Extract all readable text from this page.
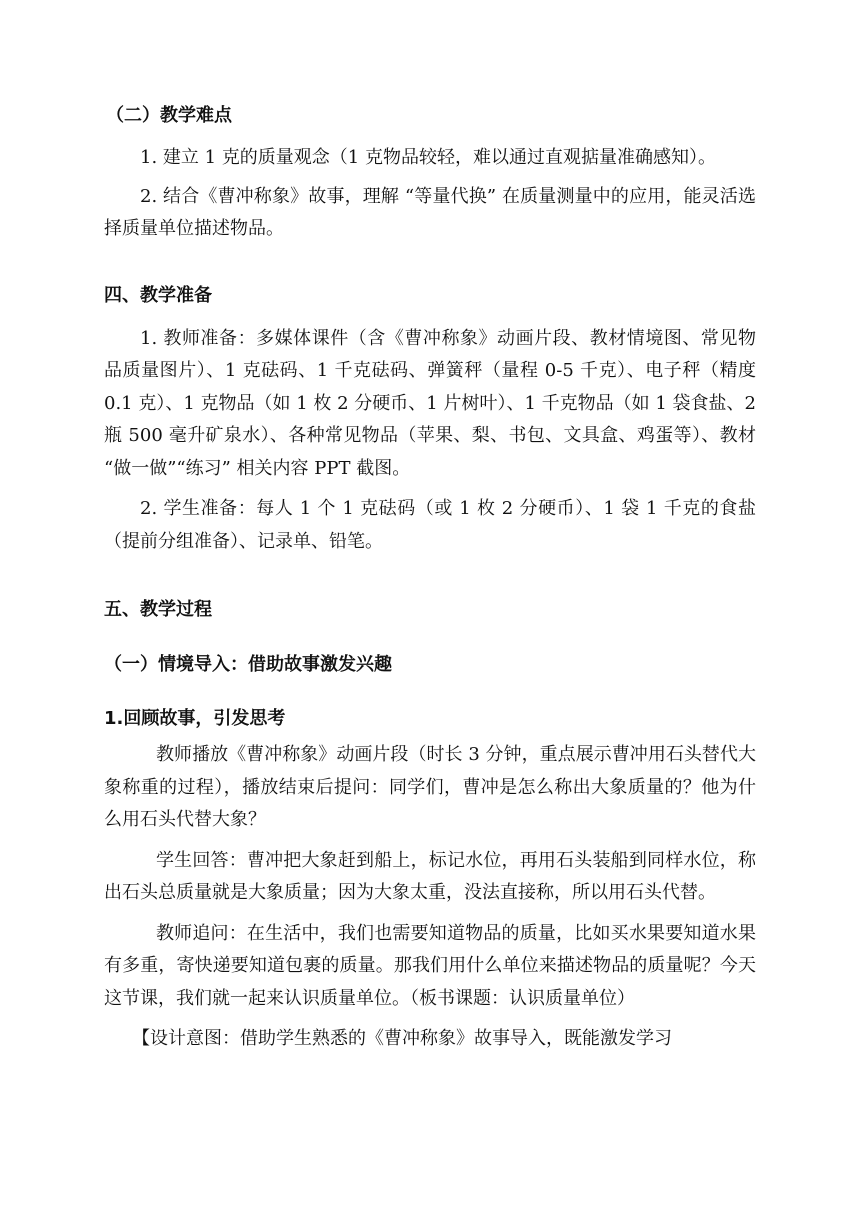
（二）教学难点

1. 建立 1 克的质量观念（1 克物品较轻，难以通过直观掂量准确感知）。

2. 结合《曹冲称象》故事，理解 “等量代换” 在质量测量中的应用，能灵活选择质量单位描述物品。

四、教学准备

1. 教师准备：多媒体课件（含《曹冲称象》动画片段、教材情境图、常见物品质量图片）、1 克砝码、1 千克砝码、弹簧秤（量程 0-5 千克）、电子秤（精度 0.1 克）、1 克物品（如 1 枚 2 分硬币、1 片树叶）、1 千克物品（如 1 袋食盐、2 瓶 500 毫升矿泉水）、各种常见物品（苹果、梨、书包、文具盒、鸡蛋等）、教材 “做一做”“练习” 相关内容 PPT 截图。

2. 学生准备：每人 1 个 1 克砝码（或 1 枚 2 分硬币）、1 袋 1 千克的食盐（提前分组准备）、记录单、铅笔。

五、教学过程
（一）情境导入：借助故事激发兴趣
1.回顾故事，引发思考

教师播放《曹冲称象》动画片段（时长 3 分钟，重点展示曹冲用石头替代大象称重的过程），播放结束后提问：同学们，曹冲是怎么称出大象质量的？他为什么用石头代替大象？

学生回答：曹冲把大象赶到船上，标记水位，再用石头装船到同样水位，称出石头总质量就是大象质量；因为大象太重，没法直接称，所以用石头代替。

教师追问：在生活中，我们也需要知道物品的质量，比如买水果要知道水果有多重，寄快递要知道包裹的质量。那我们用什么单位来描述物品的质量呢？今天这节课，我们就一起来认识质量单位。（板书课题：认识质量单位）

【设计意图：借助学生熟悉的《曹冲称象》故事导入，既能激发学习
